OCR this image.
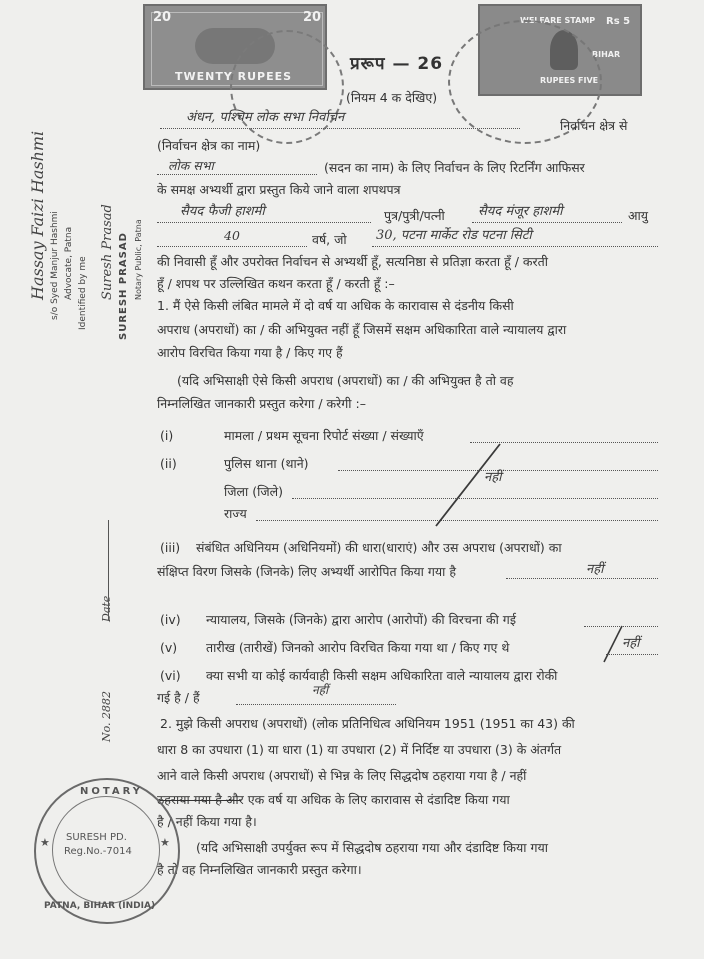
20	20
TWENTY RUPEES
WELFARE STAMP Rs 5
BIHAR
RUPEES FIVE
प्ररूप — 26
(नियम 4 क देखिए)
अंधन, पश्चिम लोक सभा निर्वाचन
निर्वाचन क्षेत्र से
(निर्वाचन क्षेत्र का नाम)
लोक सभा	(सदन का नाम) के लिए निर्वाचन के लिए रिटर्निंग आफिसर
के समक्ष अभ्यर्थी द्वारा प्रस्तुत किये जाने वाला शपथपत्र
सैयद फैजी हाशमी	पुत्र/पुत्री/पत्नी	सैयद मंजूर हाशमी	आयु
40	वर्ष, जो 30, पटना मार्केट रोड पटना सिटी
की निवासी हूँ और उपरोक्त निर्वाचन से अभ्यर्थी हूँ, सत्यनिष्ठा से प्रतिज्ञा करता हूँ / करती
हूँ / शपथ पर उल्लिखित कथन करता हूँ / करती हूँ :–
1. मैं ऐसे किसी लंबित मामले में दो वर्ष या अधिक के कारावास से दंडनीय किसी
अपराध (अपराधों) का / की अभियुक्त नहीं हूँ जिसमें सक्षम अधिकारिता वाले न्यायालय द्वारा
आरोप विरचित किया गया है / किए गए हैं
(यदि अभिसाक्षी ऐसे किसी अपराध (अपराधों) का / की अभियुक्त है तो वह
निम्नलिखित जानकारी प्रस्तुत करेगा / करेगी :–
(i)	मामला / प्रथम सूचना रिपोर्ट संख्या / संख्याएँ
(ii)	पुलिस थाना (थाने)
जिला (जिले)
राज्य
नहीं
(iii) संबंधित अधिनियम (अधिनियमों) की धारा(धाराएं) और उस अपराध (अपराधों) का
संक्षिप्त विरण जिसके (जिनके) लिए अभ्यर्थी आरोपित किया गया है	नहीं
(iv) न्यायालय, जिसके (जिनके) द्वारा आरोप (आरोपों) की विरचना की गई
(v) तारीख (तारीखें) जिनको आरोप विरचित किया गया था / किए गए थे	नहीं
(vi) क्या सभी या कोई कार्यवाही किसी सक्षम अधिकारिता वाले न्यायालय द्वारा रोकी
गई है / हैं	नहीं
2. मुझे किसी अपराध (अपराधों) (लोक प्रतिनिधित्व अधिनियम 1951 (1951 का 43) की
धारा 8 का उपधारा (1) या धारा (1) या उपधारा (2) में निर्दिष्ट या उपधारा (3) के अंतर्गत
आने वाले किसी अपराध (अपराधों) से भिन्न के लिए सिद्धदोष ठहराया गया है / नहीं
ठहराया गया है और एक वर्ष या अधिक के लिए कारावास से दंडादिष्ट किया गया
है / नहीं किया गया है।
(यदि अभिसाक्षी उपर्युक्त रूप में सिद्धदोष ठहराया गया और दंडादिष्ट किया गया
है तो वह निम्नलिखित जानकारी प्रस्तुत करेगा।
Hassay Faizi Hashmi s/o Syed Manjur Hashmi Advocate, Patna Identified by me Suresh Prasad SURESH PRASAD Notary Public, Patna
No. 2882
Date
NOTARY
SURESH PD.
Reg.No.-7014
PATNA, BIHAR (INDIA)
★	★
